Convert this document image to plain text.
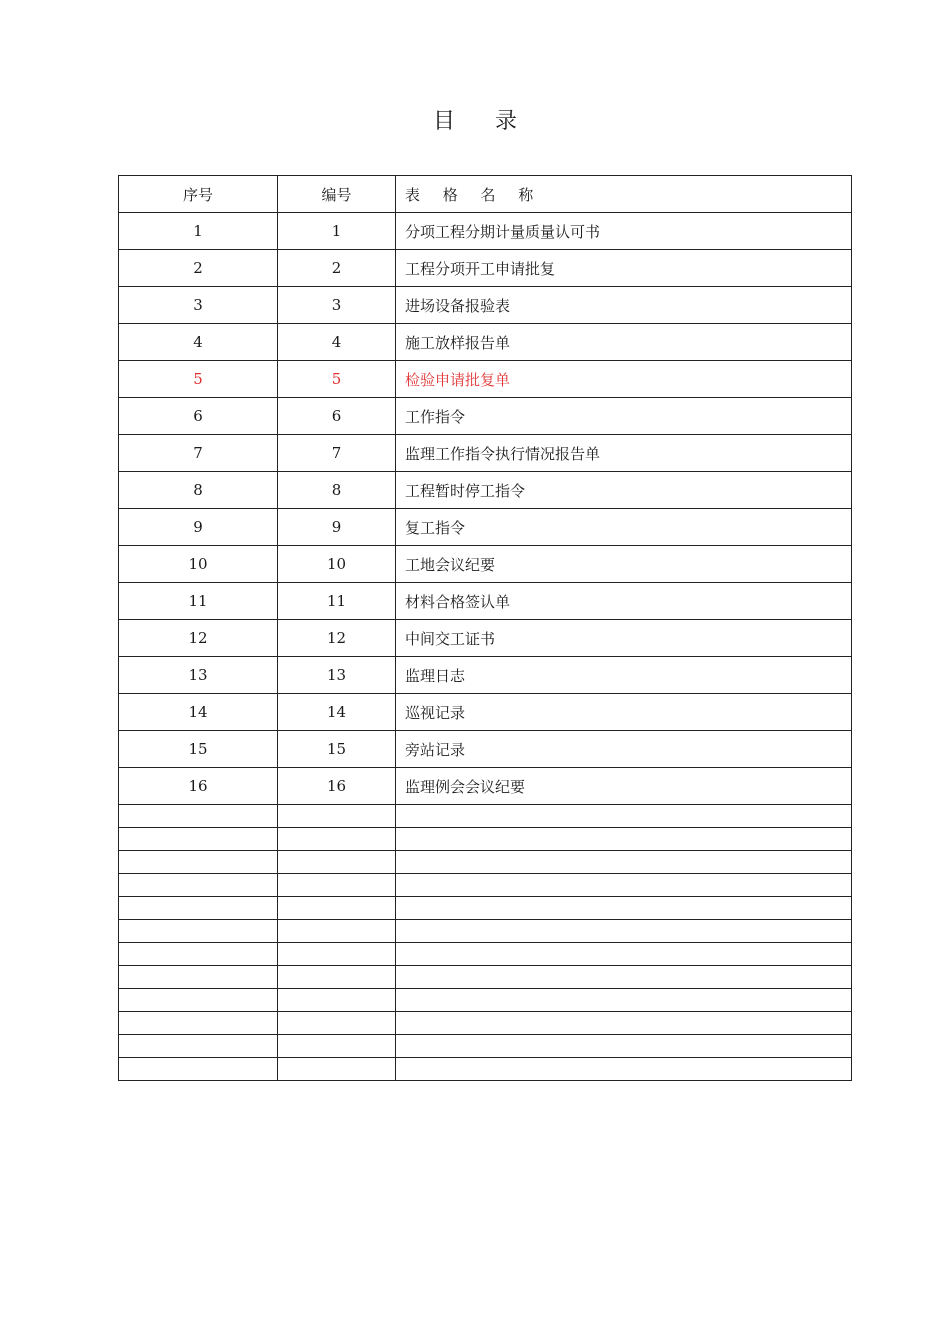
目 录
序号	编号	表 格 名 称
1	1	分项工程分期计量质量认可书
2	2	工程分项开工申请批复
3	3	进场设备报验表
4	4	施工放样报告单
5	5	检验申请批复单
6	6	工作指令
7	7	监理工作指令执行情况报告单
8	8	工程暂时停工指令
9	9	复工指令
10	10	工地会议纪要
11	11	材料合格签认单
12	12	中间交工证书
13	13	监理日志
14	14	巡视记录
15	15	旁站记录
16	16	监理例会会议纪要
